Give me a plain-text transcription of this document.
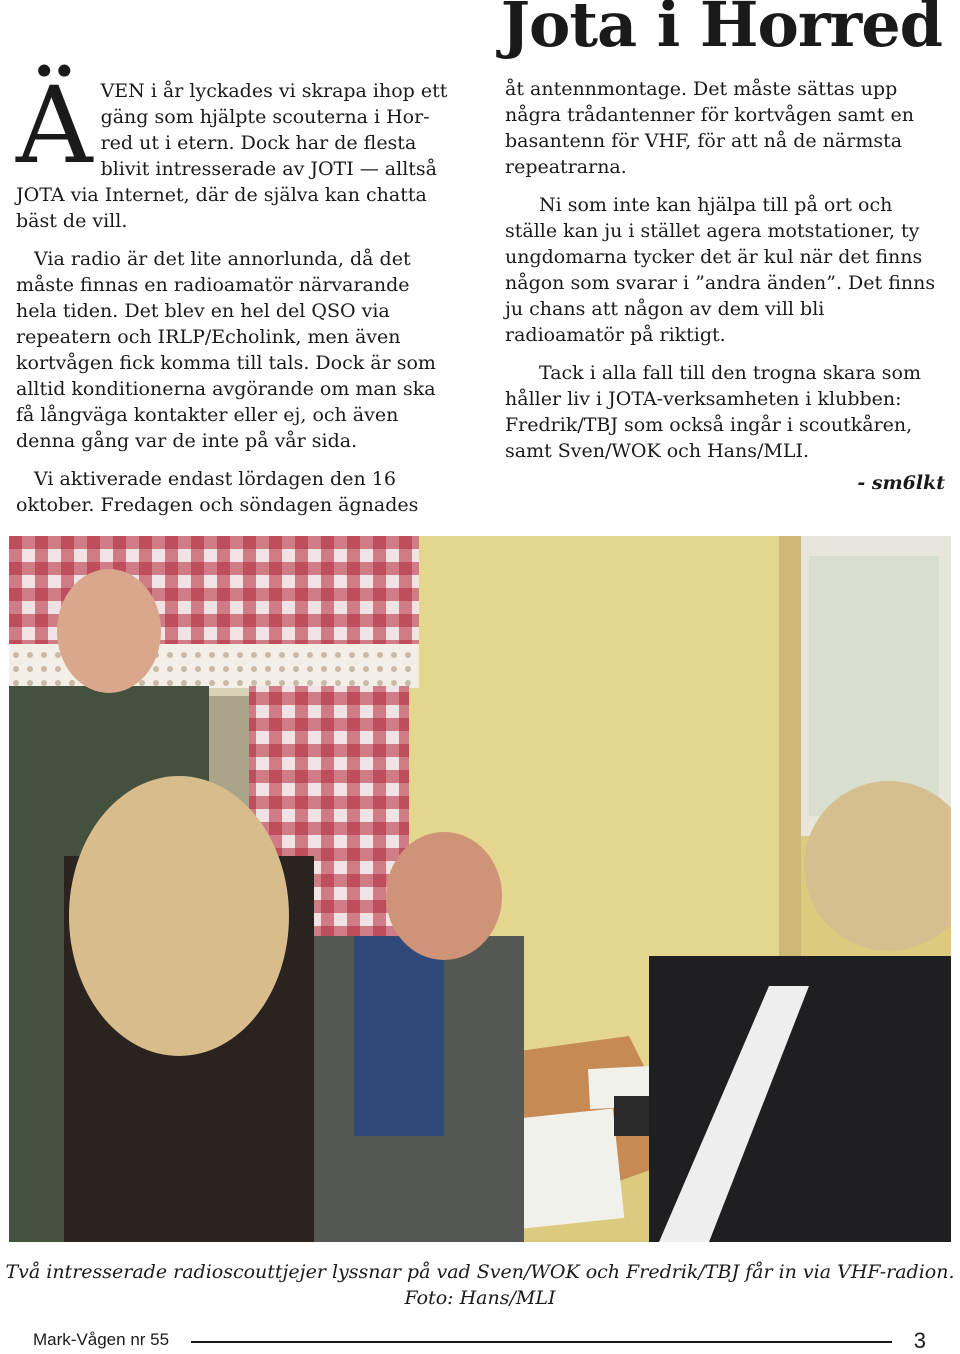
Jota i Horred

Ä VEN i år lyckades vi skrapa ihop ett gäng som hjälpte scouterna i Horred ut i etern. Dock har de flesta blivit intresserade av JOTI — alltså JOTA via Internet, där de själva kan chatta bäst de vill.

Via radio är det lite annorlunda, då det måste finnas en radioamatör närvarande hela tiden. Det blev en hel del QSO via repeatern och IRLP/Echolink, men även kortvågen fick komma till tals. Dock är som alltid konditionerna avgörande om man ska få långväga kontakter eller ej, och även denna gång var de inte på vår sida.

Vi aktiverade endast lördagen den 16 oktober. Fredagen och söndagen ägnades

åt antennmontage. Det måste sättas upp några trådantenner för kortvågen samt en basantenn för VHF, för att nå de närmsta repeatrarna.

Ni som inte kan hjälpa till på ort och ställe kan ju i stället agera motstationer, ty ungdomarna tycker det är kul när det finns någon som svarar i ”andra änden”. Det finns ju chans att någon av dem vill bli radioamatör på riktigt.

Tack i alla fall till den trogna skara som håller liv i JOTA-verksamheten i klubben: Fredrik/TBJ som också ingår i scoutkåren, samt Sven/WOK och Hans/MLI.

- sm6lkt

Två intresserade radioscouttjejer lyssnar på vad Sven/WOK och Fredrik/TBJ får in via VHF-radion.
Foto: Hans/MLI
Mark-Vågen nr 55	3
